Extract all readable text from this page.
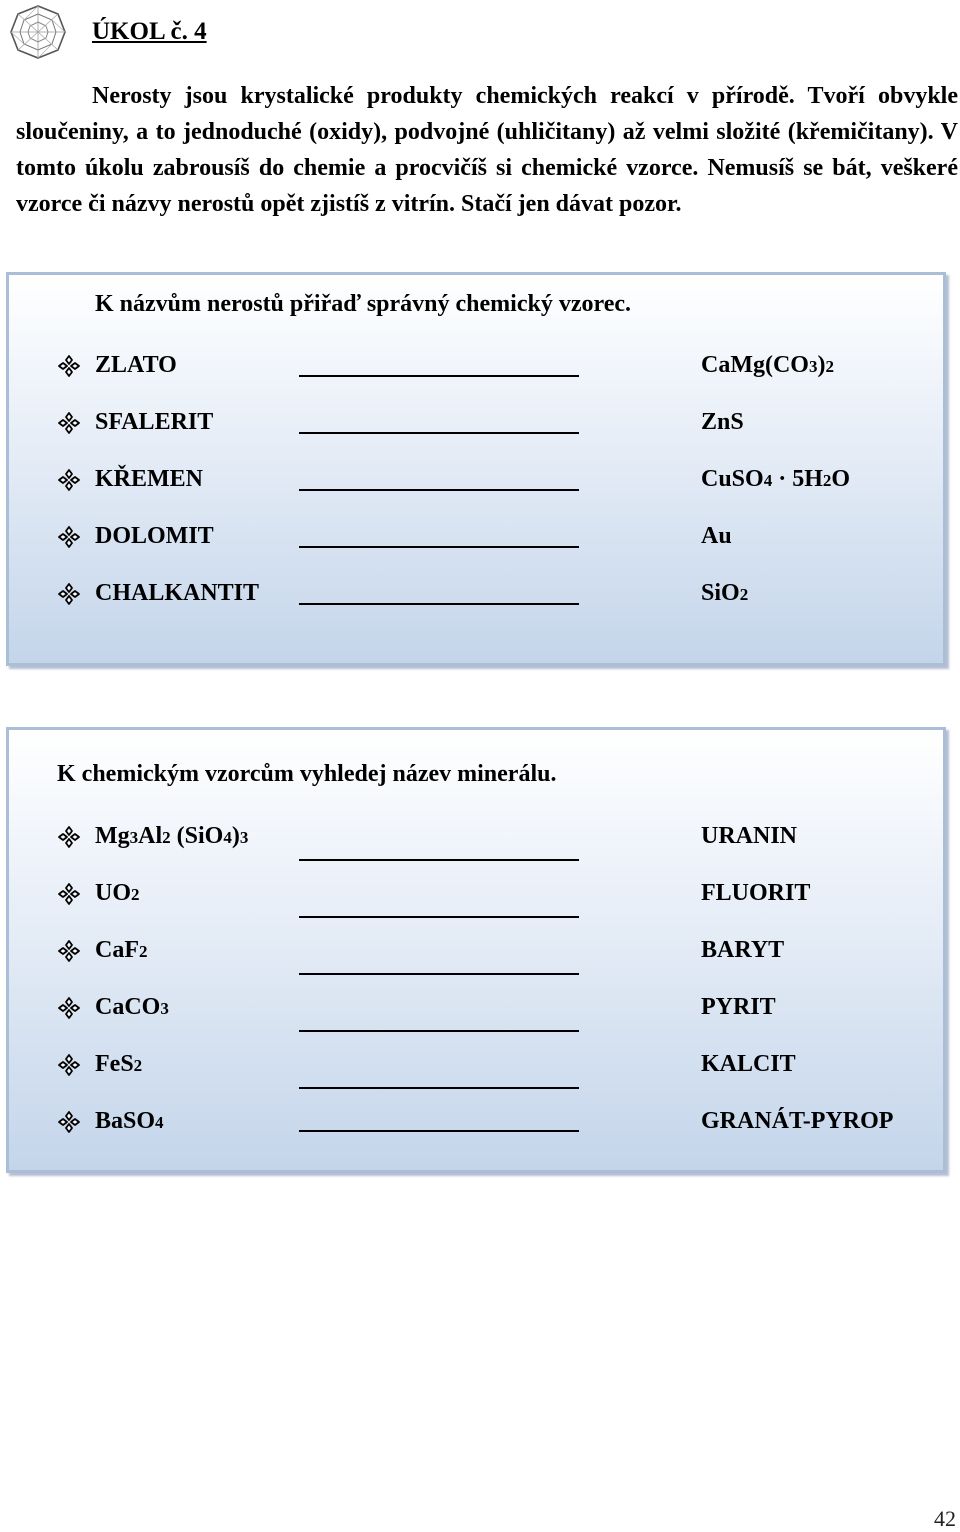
ÚKOL č. 4

Nerosty jsou krystalické produkty chemických reakcí v přírodě. Tvoří obvykle sloučeniny, a to jednoduché (oxidy), podvojné (uhličitany) až velmi složité (křemičitany). V tomto úkolu zabrousíš do chemie a procvičíš si chemické vzorce. Nemusíš se bát, veškeré vzorce či názvy nerostů opět zjistíš z vitrín. Stačí jen dávat pozor.

K názvům nerostů přiřaď správný chemický vzorec.
ZLATO	CaMg(CO3)2
SFALERIT	ZnS
KŘEMEN	CuSO4 · 5H2O
DOLOMIT	Au
CHALKANTIT	SiO2
K chemickým vzorcům vyhledej název minerálu.
Mg3Al2 (SiO4)3	URANIN
UO2	FLUORIT
CaF2	BARYT
CaCO3	PYRIT
FeS2	KALCIT
BaSO4	GRANÁT-PYROP
42
